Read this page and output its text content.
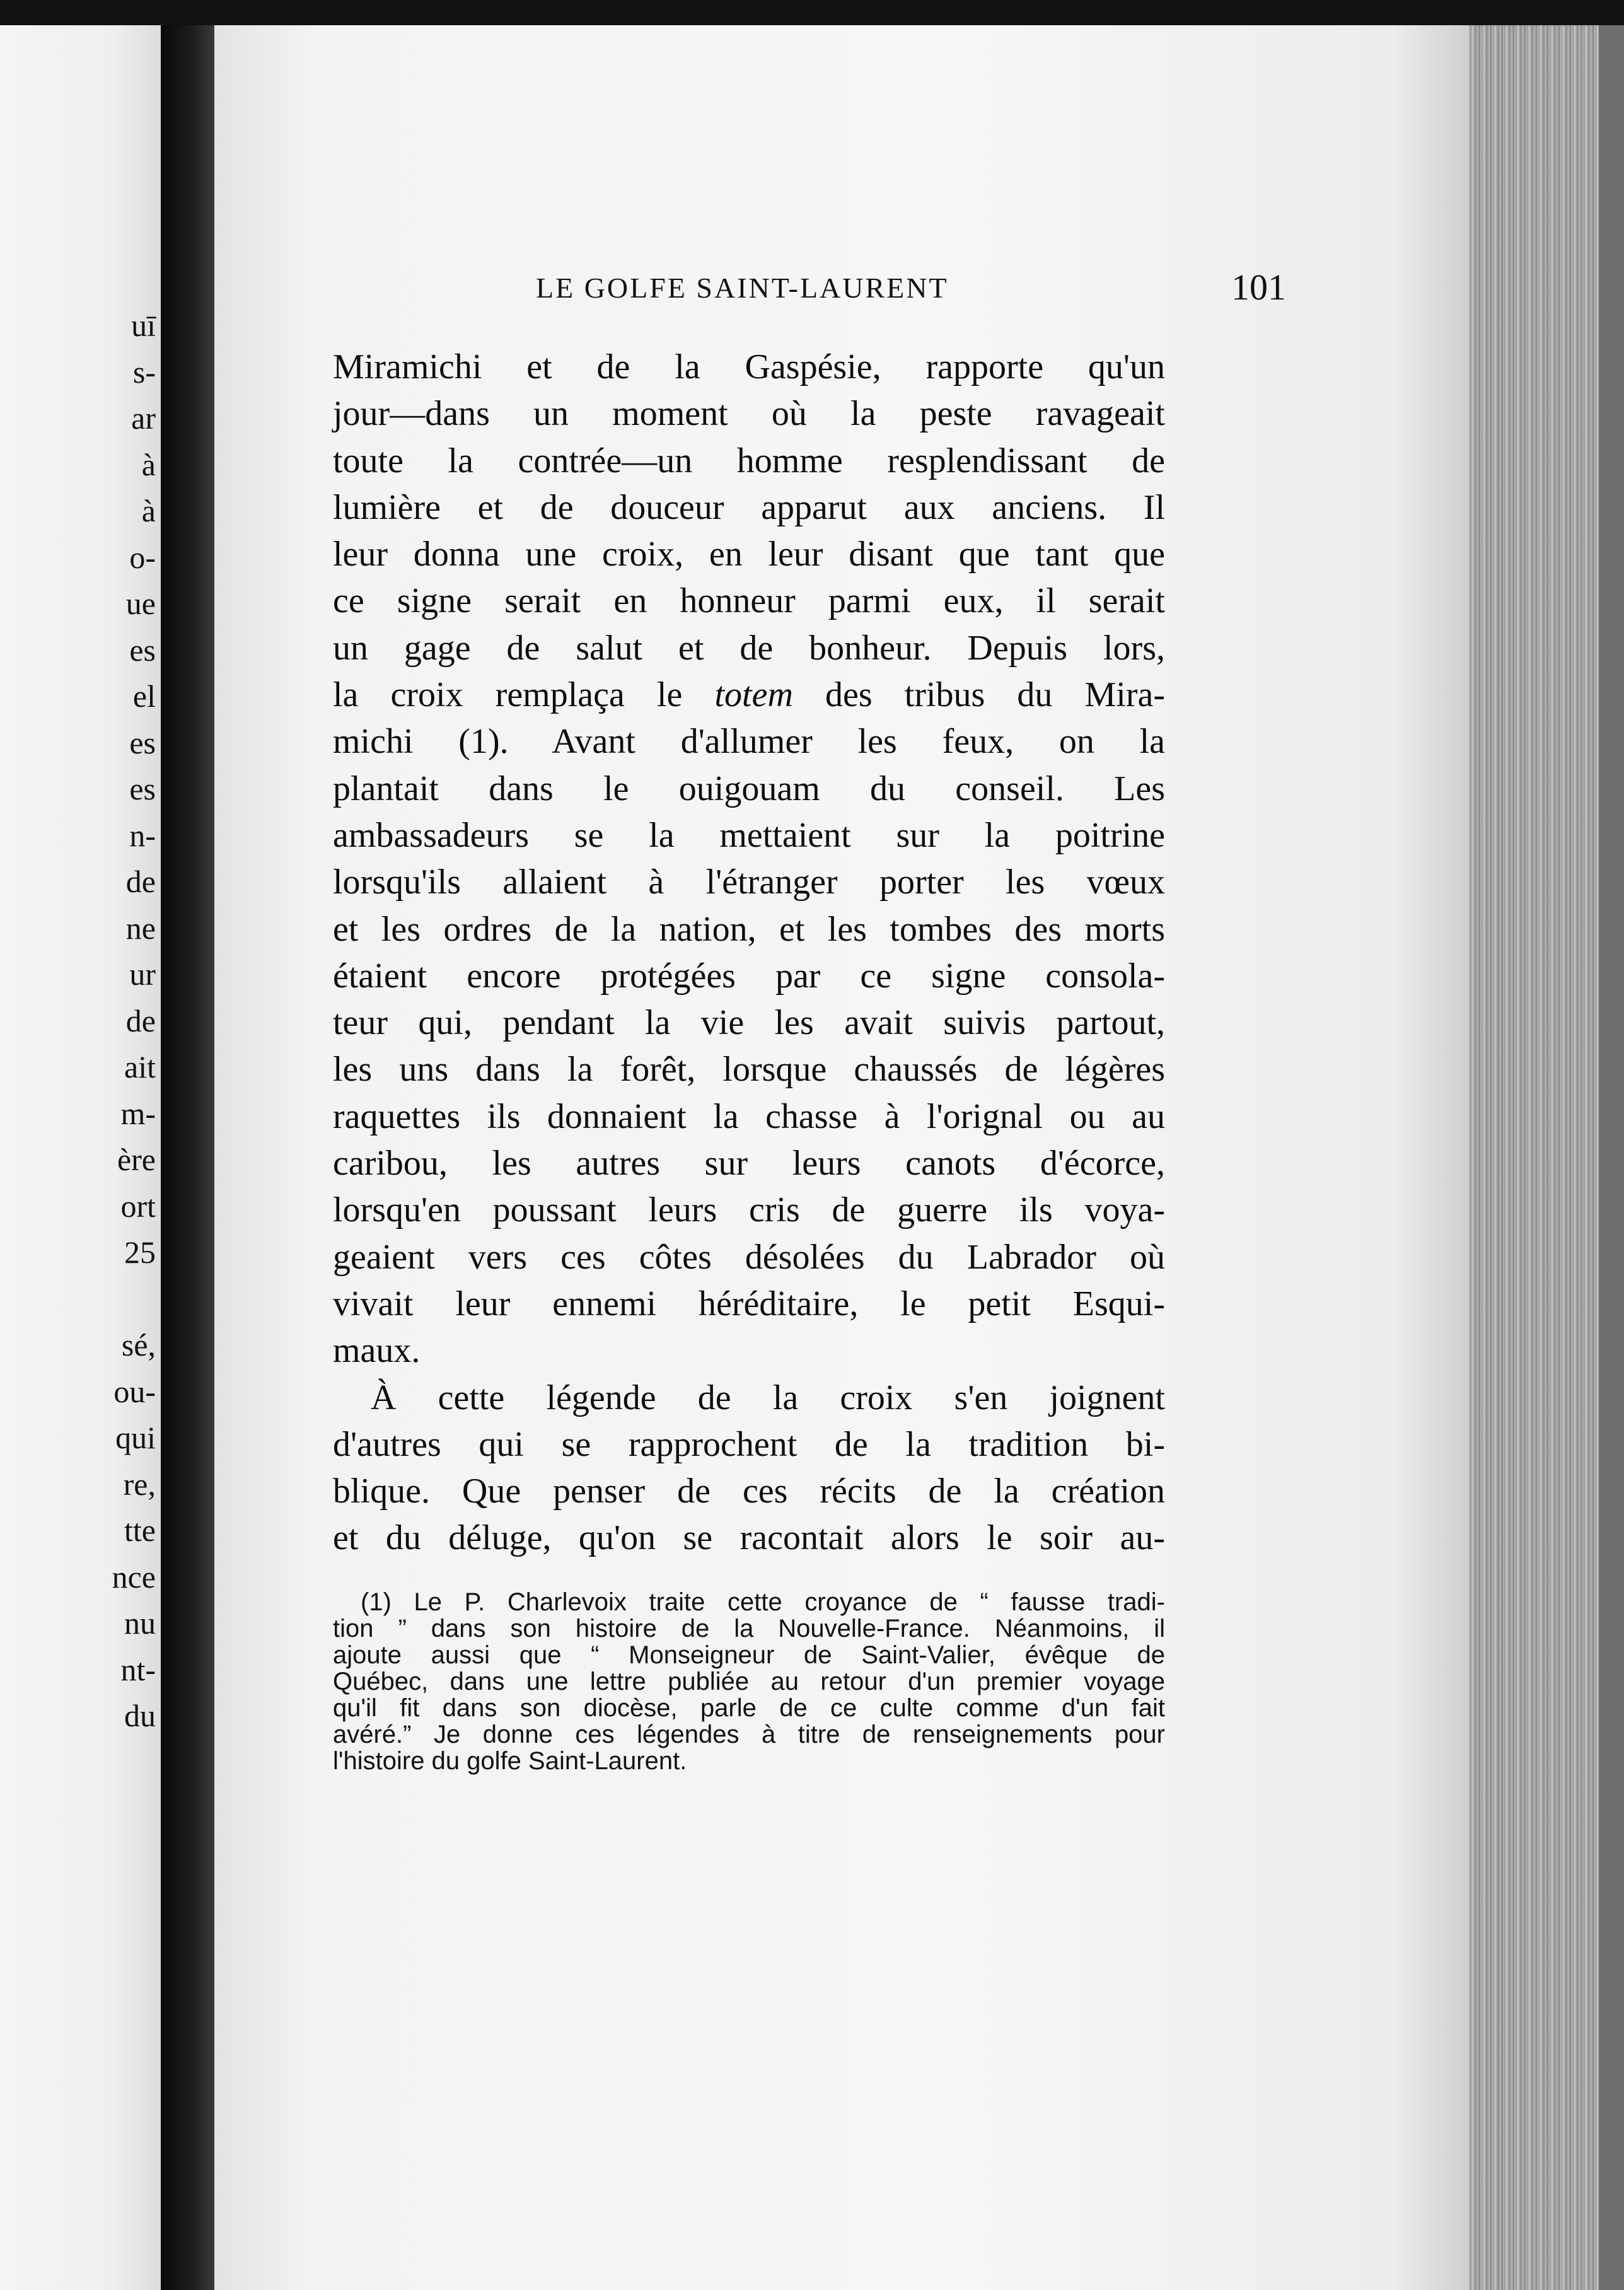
uī
s-
ar
à
à
o-
ue
es
el
es
es
n-
de
ne
ur
de
ait
m-
ère
ort
25
sé,
ou-
qui
re,
tte
nce
nu
nt-
du
LE GOLFE SAINT-LAURENT	101
Miramichi et de la Gaspésie, rapporte qu'un
jour—dans un moment où la peste ravageait
toute la contrée—un homme resplendissant de
lumière et de douceur apparut aux anciens. Il
leur donna une croix, en leur disant que tant que
ce signe serait en honneur parmi eux, il serait
un gage de salut et de bonheur. Depuis lors,
la croix remplaça le totem des tribus du Mira-
michi (1). Avant d'allumer les feux, on la
plantait dans le ouigouam du conseil. Les
ambassadeurs se la mettaient sur la poitrine
lorsqu'ils allaient à l'étranger porter les vœux
et les ordres de la nation, et les tombes des morts
étaient encore protégées par ce signe consola-
teur qui, pendant la vie les avait suivis partout,
les uns dans la forêt, lorsque chaussés de légères
raquettes ils donnaient la chasse à l'orignal ou au
caribou, les autres sur leurs canots d'écorce,
lorsqu'en poussant leurs cris de guerre ils voya-
geaient vers ces côtes désolées du Labrador où
vivait leur ennemi héréditaire, le petit Esqui-
maux.
À cette légende de la croix s'en joignent
d'autres qui se rapprochent de la tradition bi-
blique. Que penser de ces récits de la création
et du déluge, qu'on se racontait alors le soir au-
(1) Le P. Charlevoix traite cette croyance de “ fausse tradi-
tion ” dans son histoire de la Nouvelle-France. Néanmoins, il
ajoute aussi que “ Monseigneur de Saint-Valier, évêque de
Québec, dans une lettre publiée au retour d'un premier voyage
qu'il fit dans son diocèse, parle de ce culte comme d'un fait
avéré.” Je donne ces légendes à titre de renseignements pour
l'histoire du golfe Saint-Laurent.
